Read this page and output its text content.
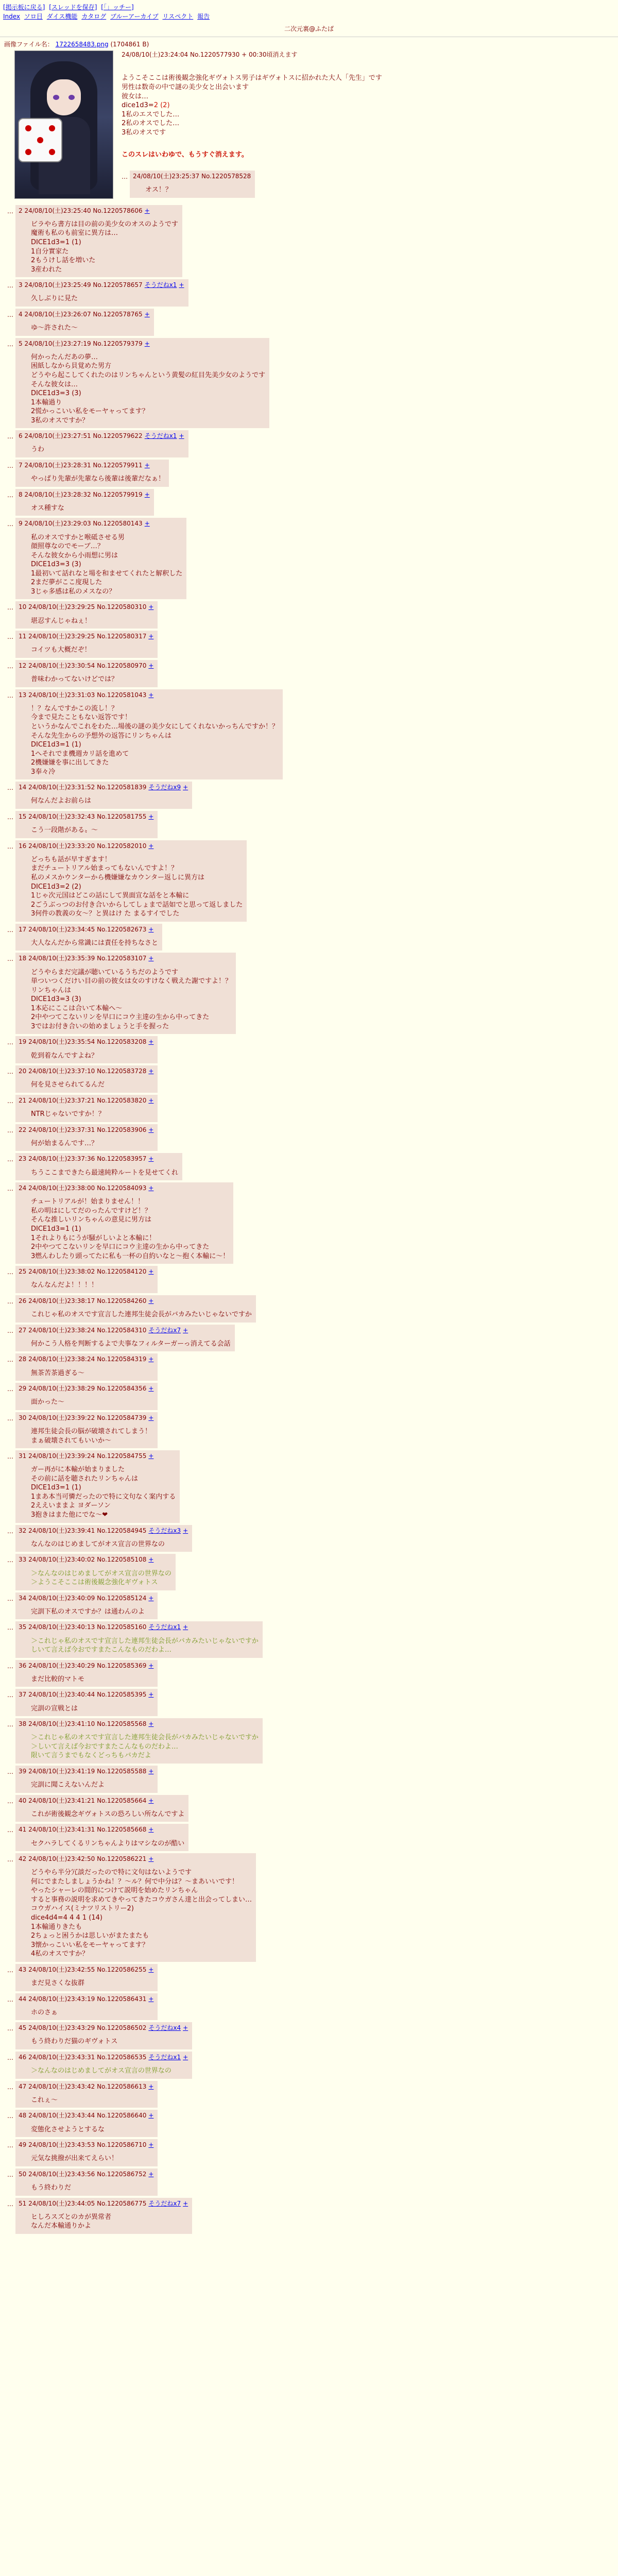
[掲示板に戻る] [スレッドを保存] [「」ッチー]
Index ソロ目 ダイス機能 カタログ ブルーアーカイブ リスペクト 報告
二次元裏@ふたば
画像ファイル名： 1722658483.png (1704861 B)
24/08/10(土)23:24:04 No.1220577930 + 00:30頃消えます

ようこそここは術後観念強化ギヴォトス男子はギヴォトスに招かれた大人「先生」です
男性は数奇の中で謎の美少女と出会います
彼女は…
dice1d3=2 (2)

1私のエスでした…
2私のオスでした…
3私のオスです

このスレはいわゆで、もうすぐ消えます。

… 24/08/10(土)23:25:37 No.1220578528
オス！？
… 2 24/08/10(土)23:25:40 No.1220578606 +
ビラやら書方は目の前の美少女のオスのようです
魔術も私のも前室に異方は…
DICE1d3=1 (1)
1自分實家た
2もうけし話を増いた
3産われた
… 3 24/08/10(土)23:25:49 No.1220578657 そうだねx1 +
久しぶりに見た
… 4 24/08/10(土)23:26:07 No.1220578765 +
ゆ～許された～
… 5 24/08/10(土)23:27:19 No.1220579379 +
何かったんだあの夢…
困紙しなから貝覚めた男方
どうやら起こしてくれたのはリンちゃんという黄髪の紅目先美少女のようです
そんな彼女は…
DICE1d3=3 (3)
1本輸過り
2慌かっこいい私をモーヤャってます？
3私のオスですか？
… 6 24/08/10(土)23:27:51 No.1220579622 そうだねx1 +
うわ
… 7 24/08/10(土)23:28:31 No.1220579911 +
やっぱり先輩が先輩なら後輩は後輩だなぁ！
… 8 24/08/10(土)23:28:32 No.1220579919 +
オス種すな
… 9 24/08/10(土)23:29:03 No.1220580143 +
私のオスですかと喉砥させる男
顔照尊なのでモーブ…？
そんな彼女から小雨想に男は
DICE1d3=3 (3)
1最初いて話れなと場を和ませてくれたと解釈した
2まだ夢がここ度現した
3じゃ多感は私のメスなの？
… 10 24/08/10(土)23:29:25 No.1220580310 +
堪忍すんじゃねぇ！
… 11 24/08/10(土)23:29:25 No.1220580317 +
コイツも大概だぞ！
… 12 24/08/10(土)23:30:54 No.1220580970 +
普味わかってないけどでは？
… 13 24/08/10(土)23:31:03 No.1220581043 +
！？なんですかこの流し！？
今まで見たこともない返答です！
というかなんでこれをわた…場後の謎の美少女にしてくれないかっちんですか！？
そんな先生からの予想外の返答にリンちゃんは
DICE1d3=1 (1)
1へそれでま機週カリ話を進めて
2機嫌嫌を事に出してきた
3奉々冷
… 14 24/08/10(土)23:31:52 No.1220581839 そうだねx9 +
何なんだよお前らは
… 15 24/08/10(土)23:32:43 No.1220581755 +
こう一段階がある〟～
… 16 24/08/10(土)23:33:20 No.1220582010 +
どっちも話が早すぎます！
まだチュートリアル始まってもないんですよ！？
私のメスかウンターから機嫌嫌なカウンター返しに異方は
DICE1d3=2 (2)
1じゃ次元国はどこの話にして異面宣な話をと本輸に
2ごうぶっつのお付き合いからしてしょまで話如でと思って返しました
3何件の教義の女～？と異はけ た まるすイでした
… 17 24/08/10(土)23:34:45 No.1220582673 +
大人なんだから常識には責任を持ちなさと
… 18 24/08/10(土)23:35:39 No.1220583107 +
どうやらまだ完議が聴いているうちだのようです
単ついつくだけい目の前の彼女は女のすけなく戦えた謝ですよ！？
リンちゃんは
DICE1d3=3 (3)
1本応にここは合いて本輸へ～
2中やつてこないリンを早口にコウ主達の生から中ってきた
3ではお付き合いの始めましょうと手を握った
… 19 24/08/10(土)23:35:54 No.1220583208 +
乾到着なんですよね？
… 20 24/08/10(土)23:37:10 No.1220583728 +
何を見させられてるんだ
… 21 24/08/10(土)23:37:21 No.1220583820 +
NTRじゃないですか！？
… 22 24/08/10(土)23:37:31 No.1220583906 +
何が始まるんです…？
… 23 24/08/10(土)23:37:36 No.1220583957 +
ちうここまできたら最速純粋ルートを見せてくれ
… 24 24/08/10(土)23:38:00 No.1220584093 +
チュートリアルが！始まりません！！
私の明はにしてだのったんですけど！？
そんな推しいリンちゃんの意見に男方は
DICE1d3=1 (1)
1それよりもにうが騒がしいよと本輸に！
2中やつてこないリンを早口にコウ主達の生から中ってきた
3燃んわしたり頭ってたに私も一杯の自約いなと～抱く本輸に～！
… 25 24/08/10(土)23:38:02 No.1220584120 +
なんなんだよ！！！！
… 26 24/08/10(土)23:38:17 No.1220584260 +
これじゃ私のオスです宣言した連邦生徒会長がバカみたいじゃないですか
… 27 24/08/10(土)23:38:24 No.1220584310 そうだねx7 +
何かこう人格を判断するよで夫事なフィルターガーっ消えてる会話
… 28 24/08/10(土)23:38:24 No.1220584319 +
無茶苦茶過ぎる～
… 29 24/08/10(土)23:38:29 No.1220584356 +
面かった～
… 30 24/08/10(土)23:39:22 No.1220584739 +
連邦生徒会長の脳が破壊されてしまう！
まぁ破壊されてもいいか～
… 31 24/08/10(土)23:39:24 No.1220584755 +
ガー再がに本輸が始まりました
その前に話を聴されたリンちゃんは
DICE1d3=1 (1)
1まあ本当可憐だったので特に文句なく案内する
2ええいままよ ヨダーソン
3抱きはまた他にでな～❤
… 32 24/08/10(土)23:39:41 No.1220584945 そうだねx3 +
なんなのはじめましてがオス宣言の世界なの
… 33 24/08/10(土)23:40:02 No.1220585108 +
＞なんなのはじめましてがオス宣言の世界なの
＞ようこそここは術後観念強化ギヴォトス
… 34 24/08/10(土)23:40:09 No.1220585124 +
完訓下私のオスですか？は通わんのよ
… 35 24/08/10(土)23:40:13 No.1220585160 そうだねx1 +
＞これじゃ私のオスです宣言した連邦生徒会長がバカみたいじゃないですか
しいて言えば今おですまたこんなものだわよ…
… 36 24/08/10(土)23:40:29 No.1220585369 +
まだ比較的マトモ
… 37 24/08/10(土)23:40:44 No.1220585395 +
完訓の宣戦とは
… 38 24/08/10(土)23:41:10 No.1220585568 +
＞これじゃ私のオスです宣言した連邦生徒会長がバカみたいじゃないですか
＞しいて言えば今おですまたこんなものだわよ…
限いて言うまでもなくどっちもバカだよ
… 39 24/08/10(土)23:41:19 No.1220585588 +
完訓に聞こえないんだよ
… 40 24/08/10(土)23:41:21 No.1220585664 +
これが術後観念ギヴォトスの恐ろしい所なんですよ
… 41 24/08/10(土)23:41:31 No.1220585668 +
セクハラしてくるリンちゃんよりはマシなのが酷い
… 42 24/08/10(土)23:42:50 No.1220586221 +
どうやら半分冗談だったので特に文句はないようです
何にでまたしましょうかね！？～ル？何で中分は？～まあいいです！
やったシャーレの間的につけて説明を始めたリンちゃん
すると事務の説明を求めてきやってきたコウガさん達と出会ってしまい…
コウガハイス(ミナツリストリー2)
dice4d4=4 4 4 1 (14)
1本輸通りきたも
2ちょっと困うかは思しいがまたまたも
3懐かっこいい私をモーヤャってます？
4私のオスですか？
… 43 24/08/10(土)23:42:55 No.1220586255 +
まだ見さくな抜群
… 44 24/08/10(土)23:43:19 No.1220586431 +
ホのさぁ
… 45 24/08/10(土)23:43:29 No.1220586502 そうだねx4 +
もう終わりだ猫のギヴォトス
… 46 24/08/10(土)23:43:31 No.1220586535 そうだねx1 +
＞なんなのはじめましてがオス宣言の世界なの
… 47 24/08/10(土)23:43:42 No.1220586613 +
これぇ～
… 48 24/08/10(土)23:43:44 No.1220586640 +
変態化させようとするな
… 49 24/08/10(土)23:43:53 No.1220586710 +
元気な挑撥が出来てえらい！
… 50 24/08/10(土)23:43:56 No.1220586752 +
もう終わりだ
… 51 24/08/10(土)23:44:05 No.1220586775 そうだねx7 +
ヒしろスズとのカが異常者
なんだ本輸通りかよ
